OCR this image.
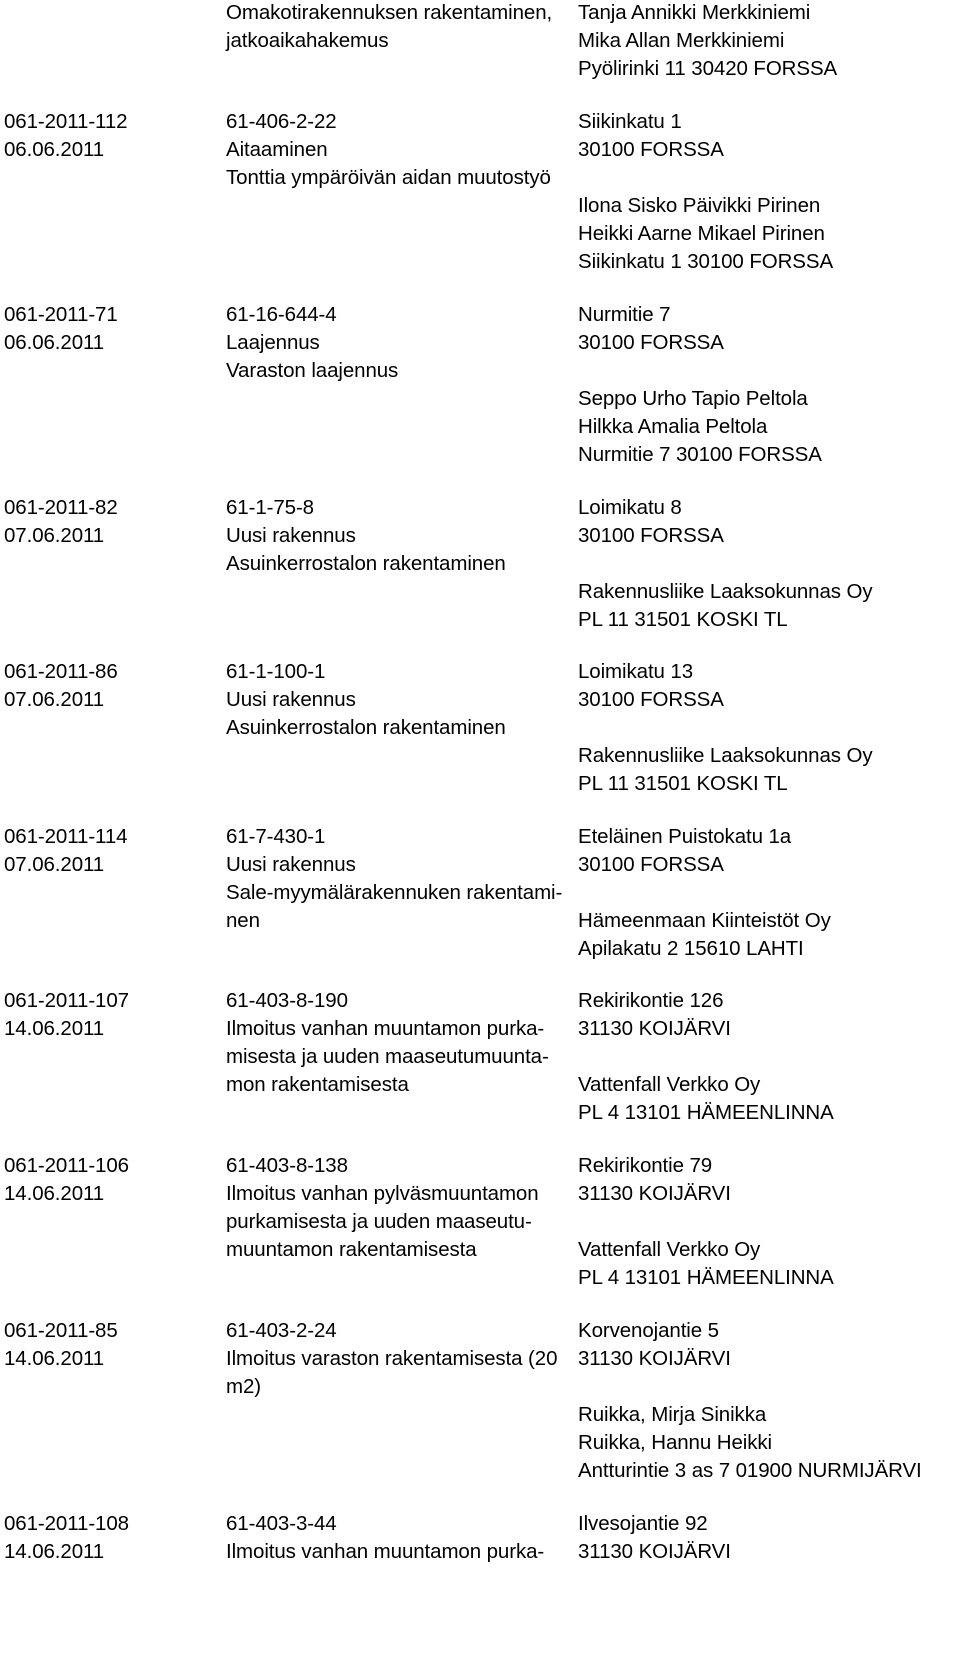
Omakotirakennuksen rakentaminen,
jatkoaikahakemus
Tanja Annikki Merkkiniemi
Mika Allan Merkkiniemi
Pyölirinki 11 30420 FORSSA
061-2011-112
06.06.2011
61-406-2-22
Aitaaminen
Tonttia ympäröivän aidan muutostyö
Siikinkatu 1
30100 FORSSA
Ilona Sisko Päivikki Pirinen
Heikki Aarne Mikael Pirinen
Siikinkatu 1 30100 FORSSA
061-2011-71
06.06.2011
61-16-644-4
Laajennus
Varaston laajennus
Nurmitie 7
30100 FORSSA
Seppo Urho Tapio Peltola
Hilkka Amalia Peltola
Nurmitie 7 30100 FORSSA
061-2011-82
07.06.2011
61-1-75-8
Uusi rakennus
Asuinkerrostalon rakentaminen
Loimikatu 8
30100 FORSSA
Rakennusliike Laaksokunnas Oy
PL 11 31501 KOSKI TL
061-2011-86
07.06.2011
61-1-100-1
Uusi rakennus
Asuinkerrostalon rakentaminen
Loimikatu 13
30100 FORSSA
Rakennusliike Laaksokunnas Oy
PL 11 31501 KOSKI TL
061-2011-114
07.06.2011
61-7-430-1
Uusi rakennus
Sale-myymälärakennuken rakentami-
nen
Eteläinen Puistokatu 1a
30100 FORSSA
Hämeenmaan Kiinteistöt Oy
Apilakatu 2 15610 LAHTI
061-2011-107
14.06.2011
61-403-8-190
Ilmoitus vanhan muuntamon purka-
misesta ja uuden maaseutumuunta-
mon rakentamisesta
Rekirikontie 126
31130 KOIJÄRVI
Vattenfall Verkko Oy
PL 4 13101 HÄMEENLINNA
061-2011-106
14.06.2011
61-403-8-138
Ilmoitus vanhan pylväsmuuntamon
purkamisesta ja uuden maaseutu-
muuntamon rakentamisesta
Rekirikontie 79
31130 KOIJÄRVI
Vattenfall Verkko Oy
PL 4 13101 HÄMEENLINNA
061-2011-85
14.06.2011
61-403-2-24
Ilmoitus varaston rakentamisesta (20
m2)
Korvenojantie 5
31130 KOIJÄRVI
Ruikka, Mirja Sinikka
Ruikka, Hannu Heikki
Antturintie 3 as 7 01900 NURMIJÄRVI
061-2011-108
14.06.2011
61-403-3-44
Ilmoitus vanhan muuntamon purka-
Ilvesojantie 92
31130 KOIJÄRVI
